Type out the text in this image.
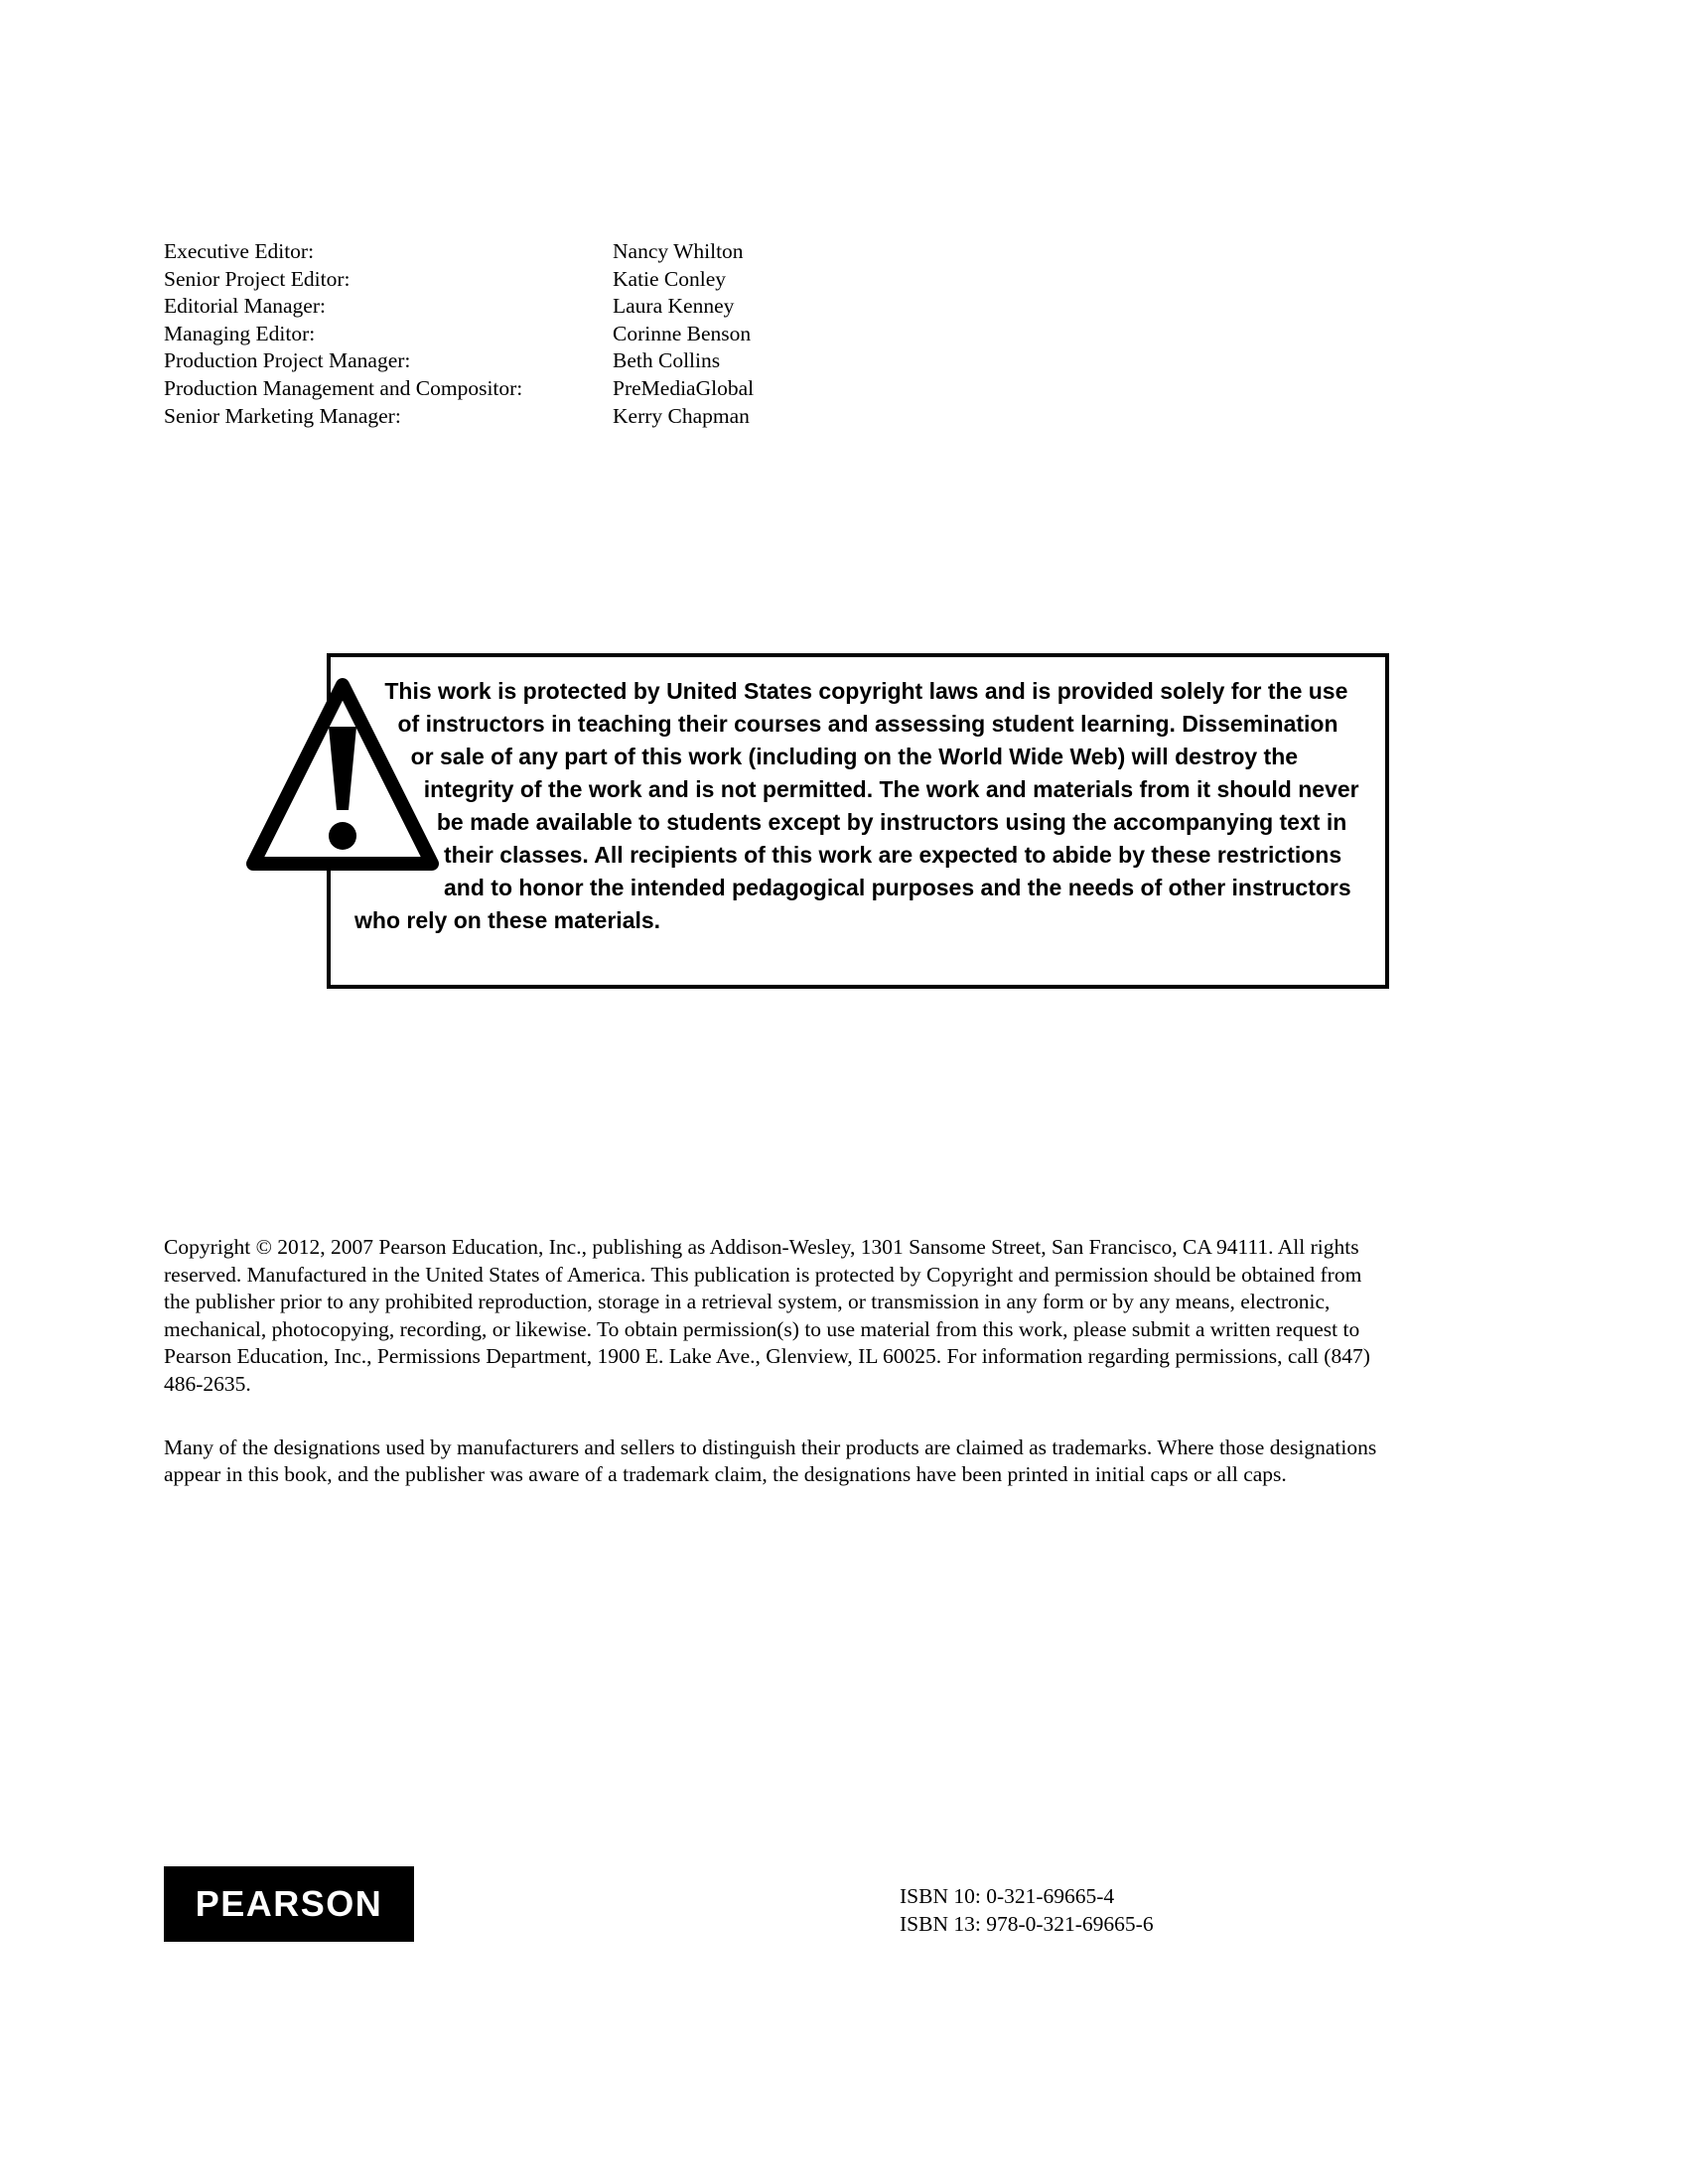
Executive Editor:	Nancy Whilton
Senior Project Editor:	Katie Conley
Editorial Manager:	Laura Kenney
Managing Editor:	Corinne Benson
Production Project Manager:	Beth Collins
Production Management and Compositor:	PreMediaGlobal
Senior Marketing Manager:	Kerry Chapman

This work is protected by United States copyright laws and is provided solely for the use of instructors in teaching their courses and assessing student learning. Dissemination or sale of any part of this work (including on the World Wide Web) will destroy the integrity of the work and is not permitted. The work and materials from it should never be made available to students except by instructors using the accompanying text in their classes. All recipients of this work are expected to abide by these restrictions and to honor the intended pedagogical purposes and the needs of other instructors who rely on these materials.

Copyright © 2012, 2007 Pearson Education, Inc., publishing as Addison-Wesley, 1301 Sansome Street, San Francisco, CA 94111. All rights reserved. Manufactured in the United States of America. This publication is protected by Copyright and permission should be obtained from the publisher prior to any prohibited reproduction, storage in a retrieval system, or transmission in any form or by any means, electronic, mechanical, photocopying, recording, or likewise. To obtain permission(s) to use material from this work, please submit a written request to Pearson Education, Inc., Permissions Department, 1900 E. Lake Ave., Glenview, IL 60025. For information regarding permissions, call (847) 486-2635.

Many of the designations used by manufacturers and sellers to distinguish their products are claimed as trademarks. Where those designations appear in this book, and the publisher was aware of a trademark claim, the designations have been printed in initial caps or all caps.

PEARSON	ISBN 10: 0-321-69665-4
ISBN 13: 978-0-321-69665-6
